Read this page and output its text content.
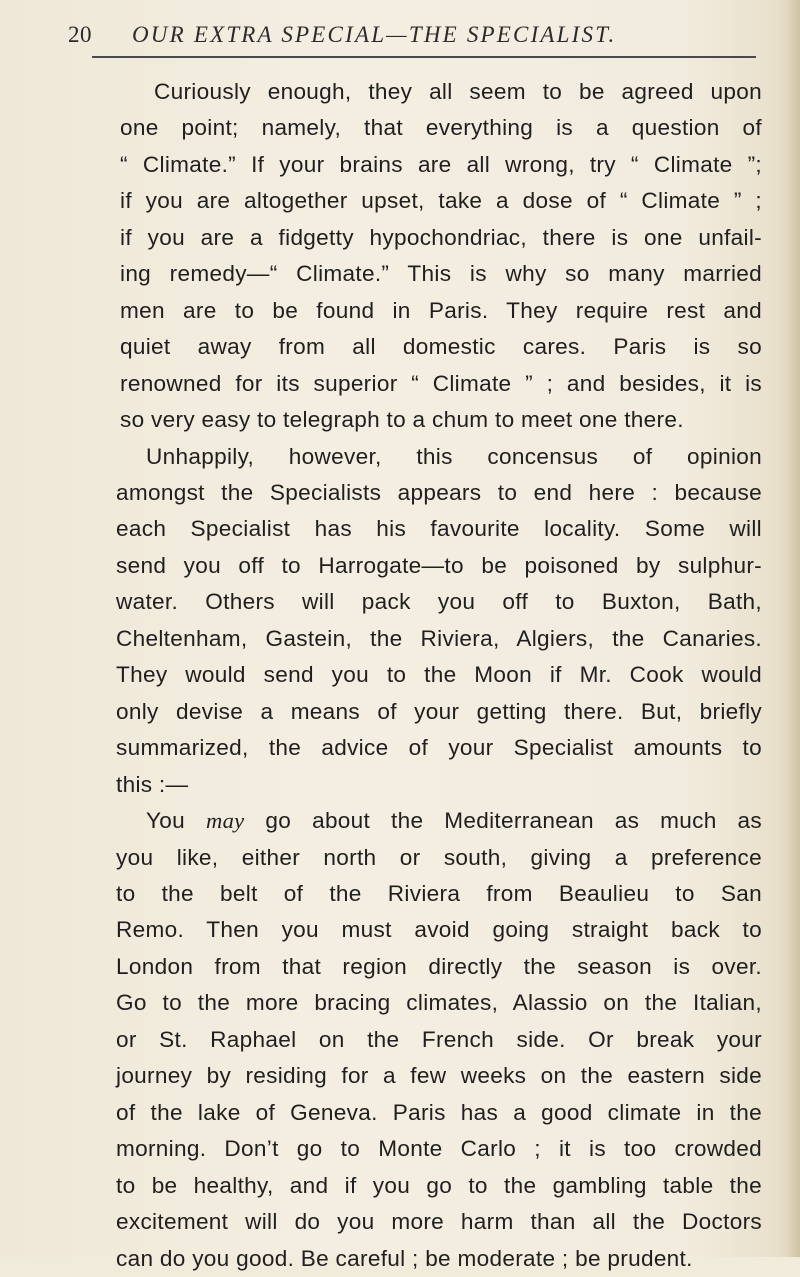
20 OUR EXTRA SPECIAL—THE SPECIALIST.
Curiously enough, they all seem to be agreed upon
one point; namely, that everything is a question of
“ Climate.” If your brains are all wrong, try “ Climate ”;
if you are altogether upset, take a dose of “ Climate ” ;
if you are a fidgetty hypochondriac, there is one unfail-
ing remedy—“ Climate.” This is why so many married
men are to be found in Paris. They require rest and
quiet away from all domestic cares. Paris is so
renowned for its superior “ Climate ” ; and besides, it is
so very easy to telegraph to a chum to meet one there.
Unhappily, however, this concensus of opinion
amongst the Specialists appears to end here : because
each Specialist has his favourite locality. Some will
send you off to Harrogate—to be poisoned by sulphur-
water. Others will pack you off to Buxton, Bath,
Cheltenham, Gastein, the Riviera, Algiers, the Canaries.
They would send you to the Moon if Mr. Cook would
only devise a means of your getting there. But, briefly
summarized, the advice of your Specialist amounts to
this :—
You may go about the Mediterranean as much as
you like, either north or south, giving a preference
to the belt of the Riviera from Beaulieu to San
Remo. Then you must avoid going straight back to
London from that region directly the season is over.
Go to the more bracing climates, Alassio on the Italian,
or St. Raphael on the French side. Or break your
journey by residing for a few weeks on the eastern side
of the lake of Geneva. Paris has a good climate in the
morning. Don’t go to Monte Carlo ; it is too crowded
to be healthy, and if you go to the gambling table the
excitement will do you more harm than all the Doctors
can do you good. Be careful ; be moderate ; be prudent.
